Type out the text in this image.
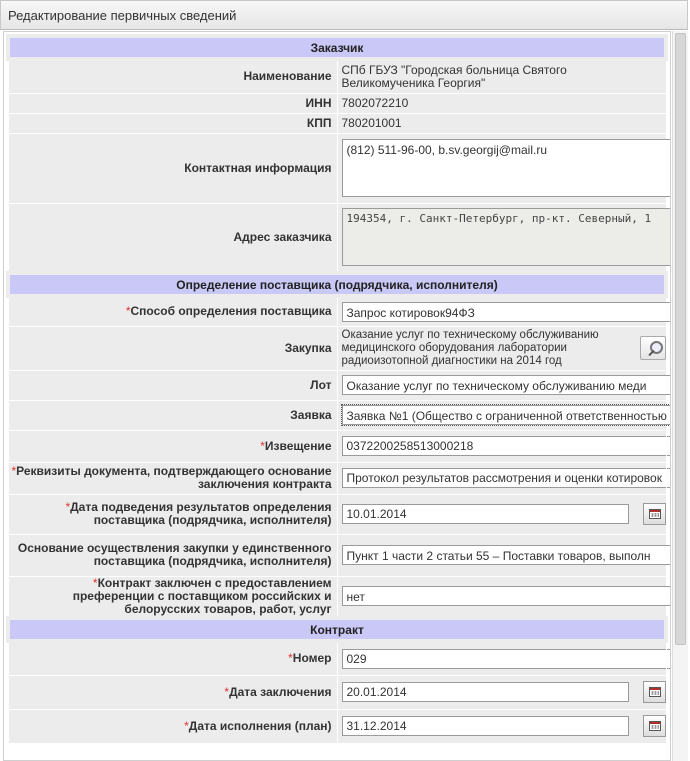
Редактирование первичных сведений
Заказчик	
Наименование	СПб ГБУЗ "Городская больница Святого Великомученика Георгия"
ИНН	7802072210
КПП	780201001
Контактная информация	(812) 511-96-00, b.sv.georgij@mail.ru

Адрес заказчика	194354, г. Санкт-Петербург, пр-кт. Северный, 1

Определение поставщика (подрядчика, исполнителя)	
*Способ определения поставщика	Запрос котировок94ФЗ

Закупка	Оказание услуг по техническому обслуживанию медицинского оборудования лаборатории радиоизотопной диагностики на 2014 год

Лот	Оказание услуг по техническому обслуживанию меди

Заявка	Заявка №1 (Общество с ограниченной ответственностью

*Извещение	0372200258513000218

*Реквизиты документа, подтверждающего основание заключения контракта	Протокол результатов рассмотрения и оценки котировок

*Дата подведения результатов определения поставщика (подрядчика, исполнителя)	10.01.2014

Основание осуществления закупки у единственного поставщика (подрядчика, исполнителя)	Пункт 1 части 2 статьи 55 – Поставки товаров, выполн

*Контракт заключен с предоставлением преференции с поставщиком российских и белорусских товаров, работ, услуг	нет

Контракт	
*Номер	029

*Дата заключения	20.01.2014

*Дата исполнения (план)	31.12.2014
